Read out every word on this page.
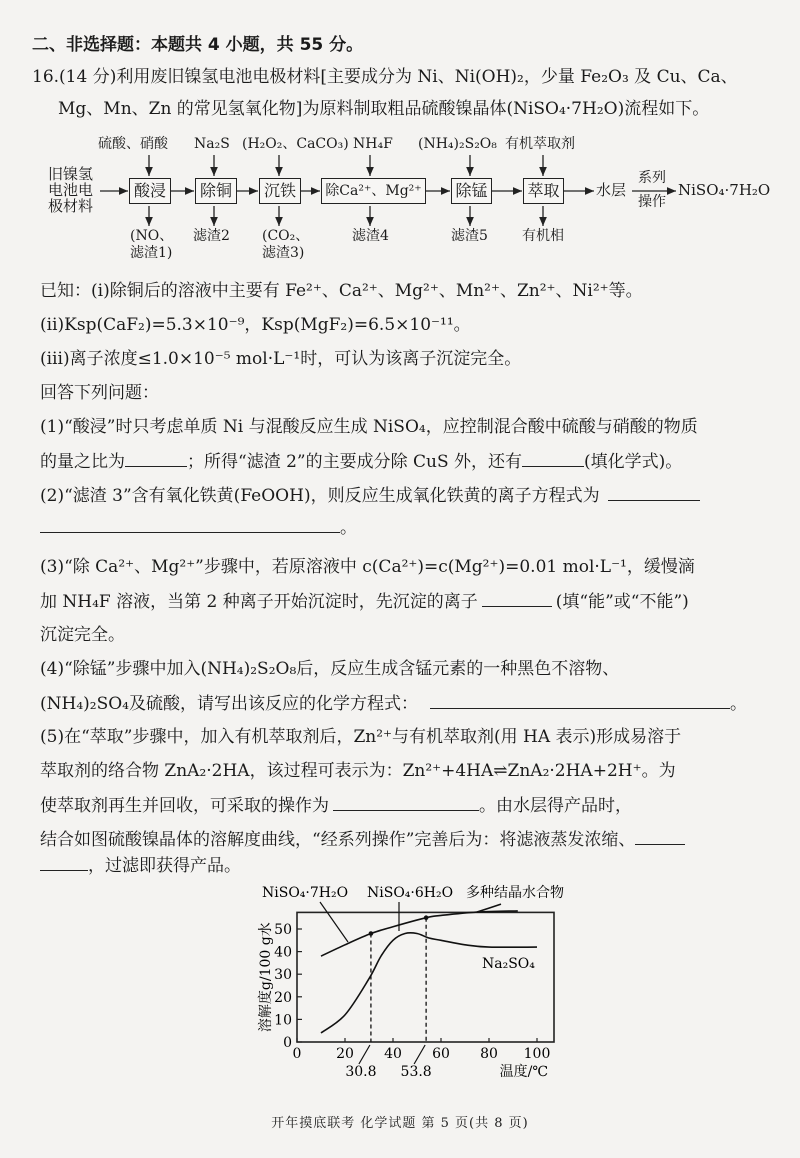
二、非选择题：本题共 4 小题，共 55 分。
16.(14 分)利用废旧镍氢电池电极材料[主要成分为 Ni、Ni(OH)₂，少量 Fe₂O₃ 及 Cu、Ca、
Mg、Mn、Zn 的常见氢氧化物]为原料制取粗品硫酸镍晶体(NiSO₄·7H₂O)流程如下。
旧镍氢
电池电
极材料
酸浸	除铜	沉铁	除Ca²⁺、Mg²⁺ 除锰 萃取
硫酸、硝酸 Na₂S (H₂O₂、CaCO₃) NH₄F (NH₄)₂S₂O₈ 有机萃取剂
(NO、
滤渣1)
滤渣2 (CO₂、
滤渣3)
滤渣4	滤渣5 有机相
水层
系列
操作
NiSO₄·7H₂O
已知：(ⅰ)除铜后的溶液中主要有 Fe²⁺、Ca²⁺、Mg²⁺、Mn²⁺、Zn²⁺、Ni²⁺等。
(ⅱ)Ksp(CaF₂)=5.3×10⁻⁹，Ksp(MgF₂)=6.5×10⁻¹¹。
(ⅲ)离子浓度≤1.0×10⁻⁵ mol·L⁻¹时，可认为该离子沉淀完全。
回答下列问题：
(1)“酸浸”时只考虑单质 Ni 与混酸反应生成 NiSO₄，应控制混合酸中硫酸与硝酸的物质
的量之比为	；所得“滤渣 2”的主要成分除 CuS 外，还有	(填化学式)。
(2)“滤渣 3”含有氧化铁黄(FeOOH)，则反应生成氧化铁黄的离子方程式为
。
(3)“除 Ca²⁺、Mg²⁺”步骤中，若原溶液中 c(Ca²⁺)=c(Mg²⁺)=0.01 mol·L⁻¹，缓慢滴
加 NH₄F 溶液，当第 2 种离子开始沉淀时，先沉淀的离子	(填“能”或“不能”)
沉淀完全。
(4)“除锰”步骤中加入(NH₄)₂S₂O₈后，反应生成含锰元素的一种黑色不溶物、
(NH₄)₂SO₄及硫酸，请写出该反应的化学方程式：	。
(5)在“萃取”步骤中，加入有机萃取剂后，Zn²⁺与有机萃取剂(用 HA 表示)形成易溶于
萃取剂的络合物 ZnA₂·2HA，该过程可表示为：Zn²⁺+4HA⇌ZnA₂·2HA+2H⁺。为
使萃取剂再生并回收，可采取的操作为	。由水层得产品时，
结合如图硫酸镍晶体的溶解度曲线，“经系列操作”完善后为：将滤液蒸发浓缩、
，过滤即获得产品。
0 20 40 60 80 100
0
10
20
30
40
50
温度/℃
溶解度g/100 g水
30.8 53.8
NiSO₄·7H₂O NiSO₄·6H₂O 多种结晶水合物
Na₂SO₄
开年摸底联考 化学试题 第 5 页(共 8 页)
